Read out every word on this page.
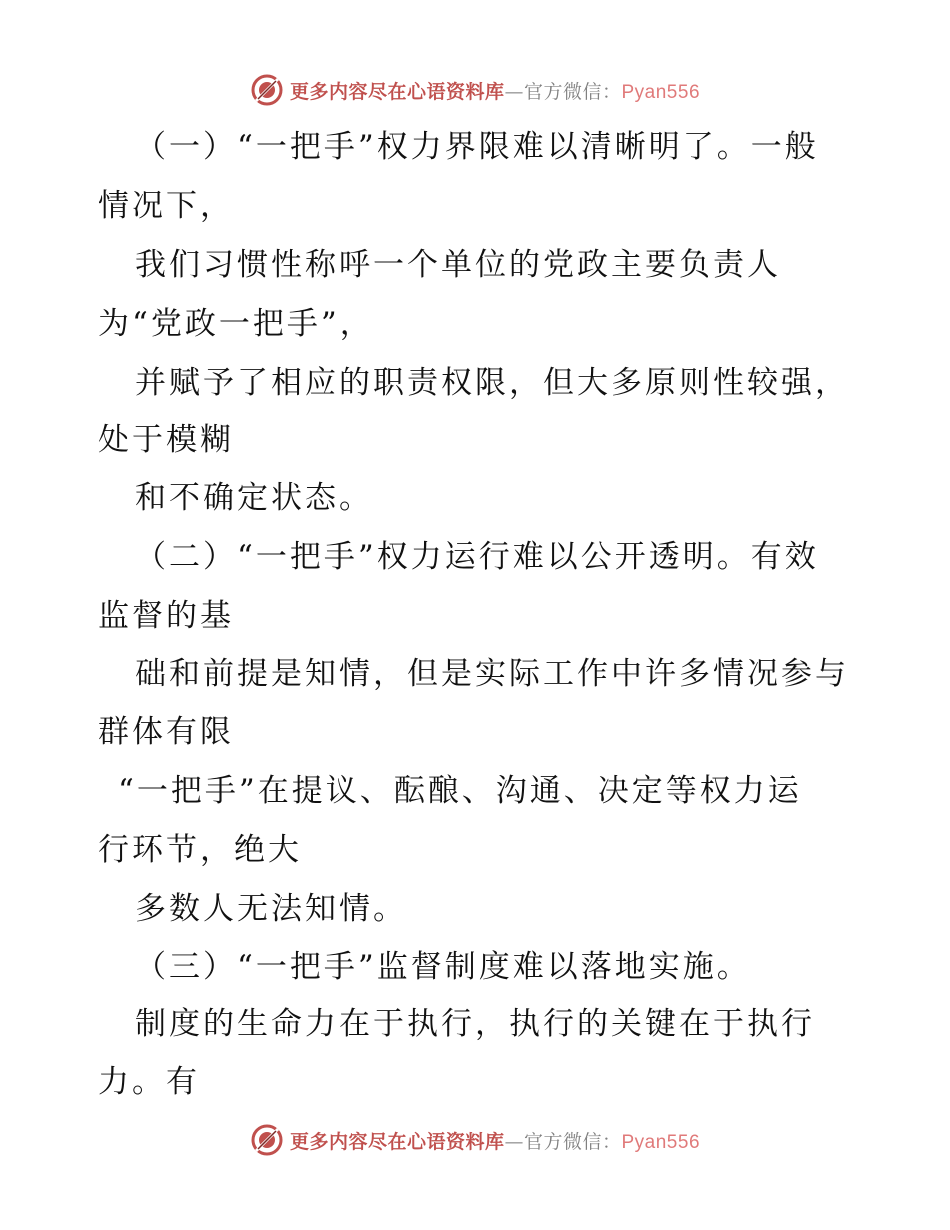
更多内容尽在心语资料库—官方微信：Pyan556
（一）“一把手”权力界限难以清晰明了。一般
情况下，
我们习惯性称呼一个单位的党政主要负责人
为“党政一把手”，
并赋予了相应的职责权限，但大多原则性较强，
处于模糊
和不确定状态。
（二）“一把手”权力运行难以公开透明。有效
监督的基
础和前提是知情，但是实际工作中许多情况参与
群体有限
“一把手”在提议、酝酿、沟通、决定等权力运
行环节，绝大
多数人无法知情。
（三）“一把手”监督制度难以落地实施。
制度的生命力在于执行，执行的关键在于执行
力。有
更多内容尽在心语资料库—官方微信：Pyan556
